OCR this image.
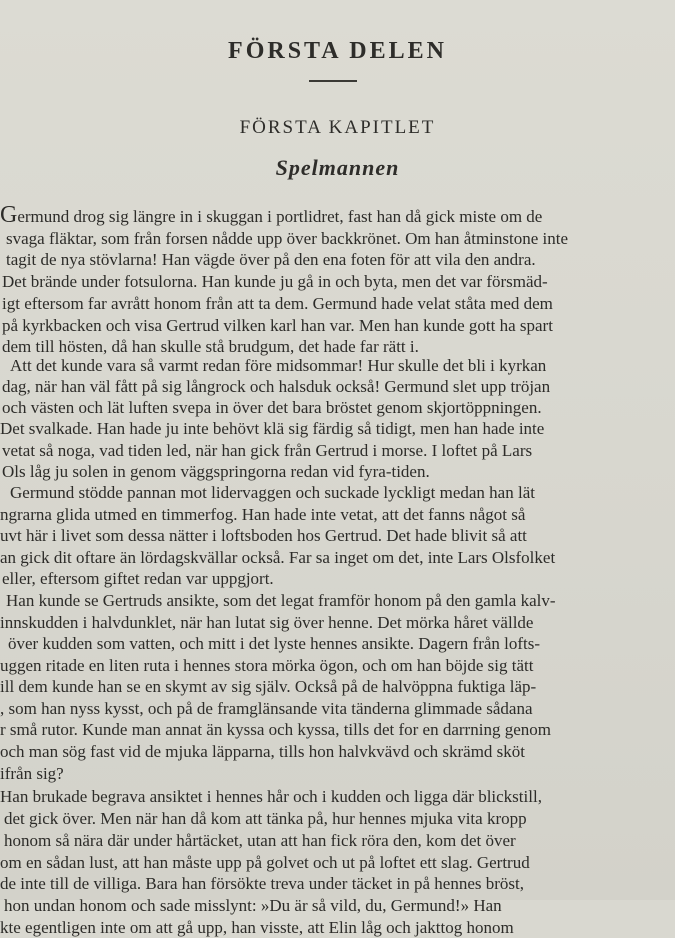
FÖRSTA DELEN
FÖRSTA KAPITLET
Spelmannen
Germund drog sig längre in i skuggan i portlidret, fast han då gick miste om de
svaga fläktar, som från forsen nådde upp över backkrönet. Om han åtminstone inte
tagit de nya stövlarna! Han vägde över på den ena foten för att vila den andra.
Det brände under fotsulorna. Han kunde ju gå in och byta, men det var försmäd-
igt eftersom far avrått honom från att ta dem. Germund hade velat ståta med dem
på kyrkbacken och visa Gertrud vilken karl han var. Men han kunde gott ha spart
dem till hösten, då han skulle stå brudgum, det hade far rätt i.
Att det kunde vara så varmt redan före midsommar! Hur skulle det bli i kyrkan
dag, när han väl fått på sig långrock och halsduk också! Germund slet upp tröjan
och västen och lät luften svepa in över det bara bröstet genom skjortöppningen.
Det svalkade. Han hade ju inte behövt klä sig färdig så tidigt, men han hade inte
vetat så noga, vad tiden led, när han gick från Gertrud i morse. I loftet på Lars
Ols låg ju solen in genom väggspringorna redan vid fyra-tiden.
Germund stödde pannan mot lidervaggen och suckade lyckligt medan han lät
ngrarna glida utmed en timmerfog. Han hade inte vetat, att det fanns något så
uvt här i livet som dessa nätter i loftsboden hos Gertrud. Det hade blivit så att
an gick dit oftare än lördagskvällar också. Far sa inget om det, inte Lars Olsfolket
eller, eftersom giftet redan var uppgjort.
Han kunde se Gertruds ansikte, som det legat framför honom på den gamla kalv-
innskudden i halvdunklet, när han lutat sig över henne. Det mörka håret vällde
över kudden som vatten, och mitt i det lyste hennes ansikte. Dagern från lofts-
uggen ritade en liten ruta i hennes stora mörka ögon, och om han böjde sig tätt
ill dem kunde han se en skymt av sig själv. Också på de halvöppna fuktiga läp-
, som han nyss kysst, och på de framglänsande vita tänderna glimmade sådana
r små rutor. Kunde man annat än kyssa och kyssa, tills det for en darrning genom
och man sög fast vid de mjuka läpparna, tills hon halvkvävd och skrämd sköt
ifrån sig?
Han brukade begrava ansiktet i hennes hår och i kudden och ligga där blickstill,
det gick över. Men när han då kom att tänka på, hur hennes mjuka vita kropp
honom så nära där under hårtäcket, utan att han fick röra den, kom det över
om en sådan lust, att han måste upp på golvet och ut på loftet ett slag. Gertrud
de inte till de villiga. Bara han försökte treva under täcket in på hennes bröst,
hon undan honom och sade misslynt: »Du är så vild, du, Germund!» Han
kte egentligen inte om att gå upp, han visste, att Elin låg och jakttog honom
